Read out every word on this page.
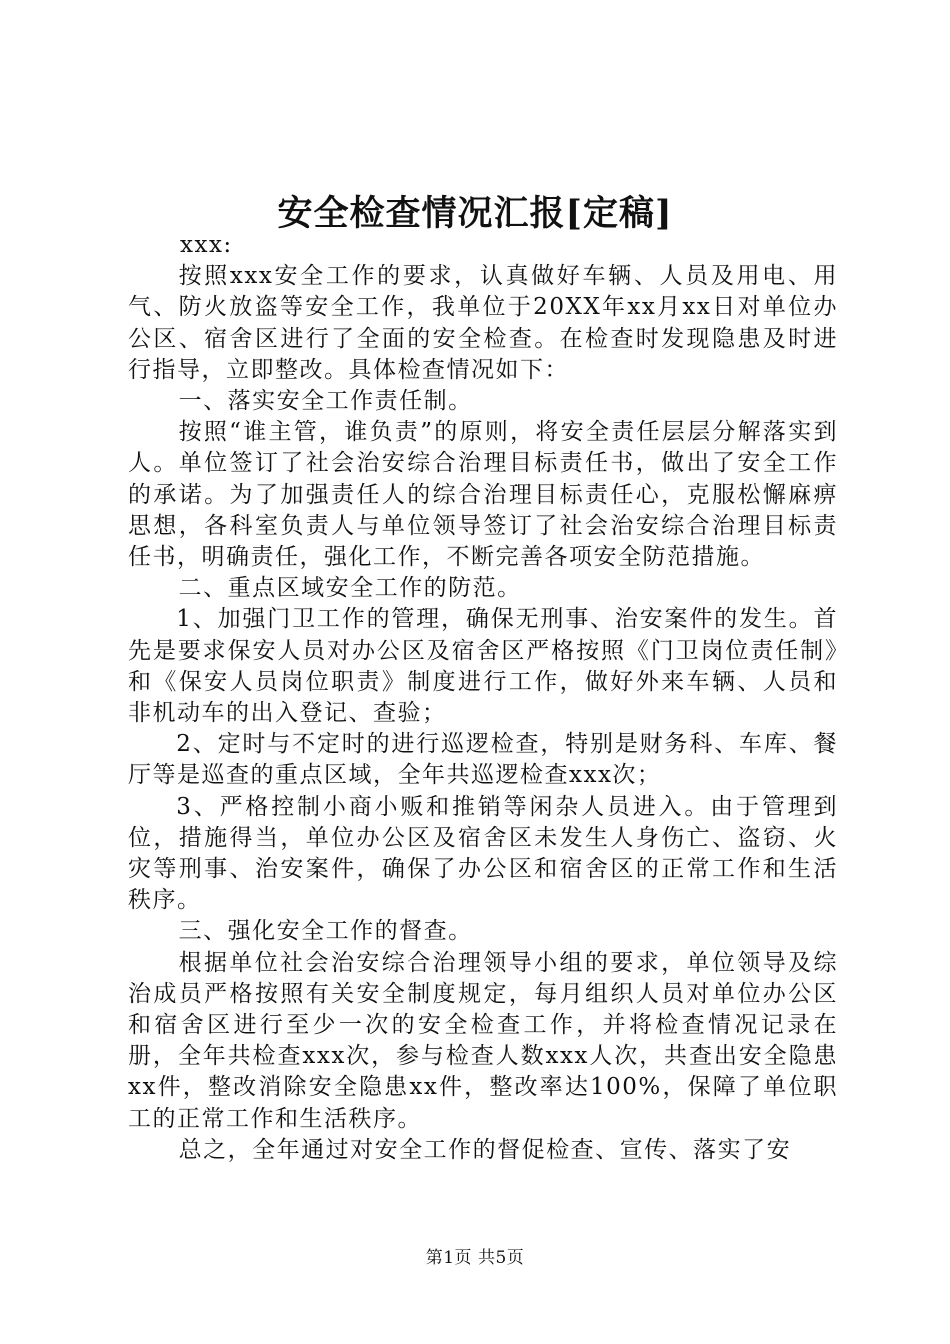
安全检查情况汇报[定稿]

xxx:

按照xxx安全工作的要求，认真做好车辆、人员及用电、用气、防火放盗等安全工作，我单位于20XX年xx月xx日对单位办公区、宿舍区进行了全面的安全检查。在检查时发现隐患及时进行指导，立即整改。具体检查情况如下：

一、落实安全工作责任制。

按照“谁主管，谁负责”的原则，将安全责任层层分解落实到人。单位签订了社会治安综合治理目标责任书，做出了安全工作的承诺。为了加强责任人的综合治理目标责任心，克服松懈麻痹思想，各科室负责人与单位领导签订了社会治安综合治理目标责任书，明确责任，强化工作，不断完善各项安全防范措施。

二、重点区域安全工作的防范。

1、加强门卫工作的管理，确保无刑事、治安案件的发生。首先是要求保安人员对办公区及宿舍区严格按照《门卫岗位责任制》和《保安人员岗位职责》制度进行工作，做好外来车辆、人员和非机动车的出入登记、查验；

2、定时与不定时的进行巡逻检查，特别是财务科、车库、餐厅等是巡查的重点区域，全年共巡逻检查xxx次；

3、严格控制小商小贩和推销等闲杂人员进入。由于管理到位，措施得当，单位办公区及宿舍区未发生人身伤亡、盗窃、火灾等刑事、治安案件，确保了办公区和宿舍区的正常工作和生活秩序。

三、强化安全工作的督查。

根据单位社会治安综合治理领导小组的要求，单位领导及综治成员严格按照有关安全制度规定，每月组织人员对单位办公区和宿舍区进行至少一次的安全检查工作，并将检查情况记录在册，全年共检查xxx次，参与检查人数xxx人次，共查出安全隐患xx件，整改消除安全隐患xx件，整改率达100%，保障了单位职工的正常工作和生活秩序。

总之，全年通过对安全工作的督促检查、宣传、落实了安

第1页 共5页
